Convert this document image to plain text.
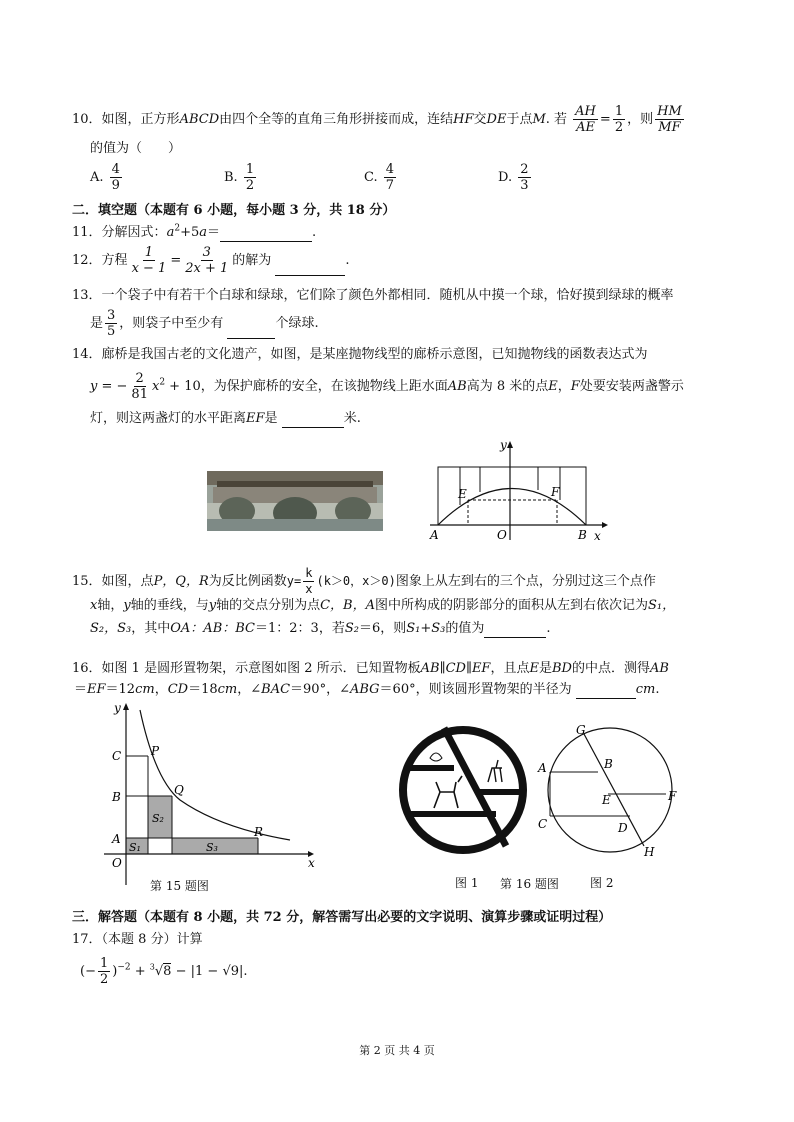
10．如图，正方形ABCD由四个全等的直角三角形拼接而成，连结HF交DE于点M. 若 $\frac{AH}{AE} = \frac{1}{2}$ ，则 $\frac{HM}{MF}$
的值为（　　）
A. $\frac{4}{9}$	B. $\frac{1}{2}$	C. $\frac{4}{7}$	D. $\frac{2}{3}$
二．填空题（本题有 6 小题，每小题 3 分，共 18 分）
11．分解因式：$a^2+5a=$	.
12．方程 $\frac{1}{x - 1} = \frac{3}{2x + 1}$ 的解为	.
13．一个袋子中有若干个白球和绿球，它们除了颜色外都相同．随机从中摸一个球，恰好摸到绿球的概率
是 $\frac{3}{5}$ ，则袋子中至少有	个绿球.
14．廊桥是我国古老的文化遗产，如图，是某座抛物线型的廊桥示意图，已知抛物线的函数表达式为
y = − $\frac{2}{81} x^2 + 10$，为保护廊桥的安全，在该抛物线上距水面AB高为 8 米的点E，F处要安装两盏警示
灯，则这两盏灯的水平距离EF是	米.
y
x
E	F
A	O	B
15．如图，点P，Q，R为反比例函数$y= \frac{k}{x} (k>0$，x＞0)图象上从左到右的三个点，分别过这三个点作
x轴，y轴的垂线，与y轴的交点分别为点C，B，A图中所构成的阴影部分的面积从左到右依次记为S₁，
S₂，S₃，其中OA：AB：BC＝1：2：3，若S₂＝6，则S₁+S₃的值为	.
16．如图 1 是圆形置物架，示意图如图 2 所示．已知置物板AB∥CD∥EF，且点E是BD的中点．测得AB
＝EF＝12cm，CD＝18cm，∠BAC＝90°，∠ABG＝60°，则该圆形置物架的半径为	cm.
y
x
C
B
A
O
P
Q
R
S₁
S₂
S₃
第 15 题图
G
A	B
E	F
C	D
H
图 1 第 16 题图	图 2
三．解答题（本题有 8 小题，共 72 分，解答需写出必要的文字说明、演算步骤或证明过程）
17．（本题 8 分）计算
(− $\frac{1}{2} )^{-2} + ^3√8 - |1 - √9|$.
第 2 页 共 4 页
